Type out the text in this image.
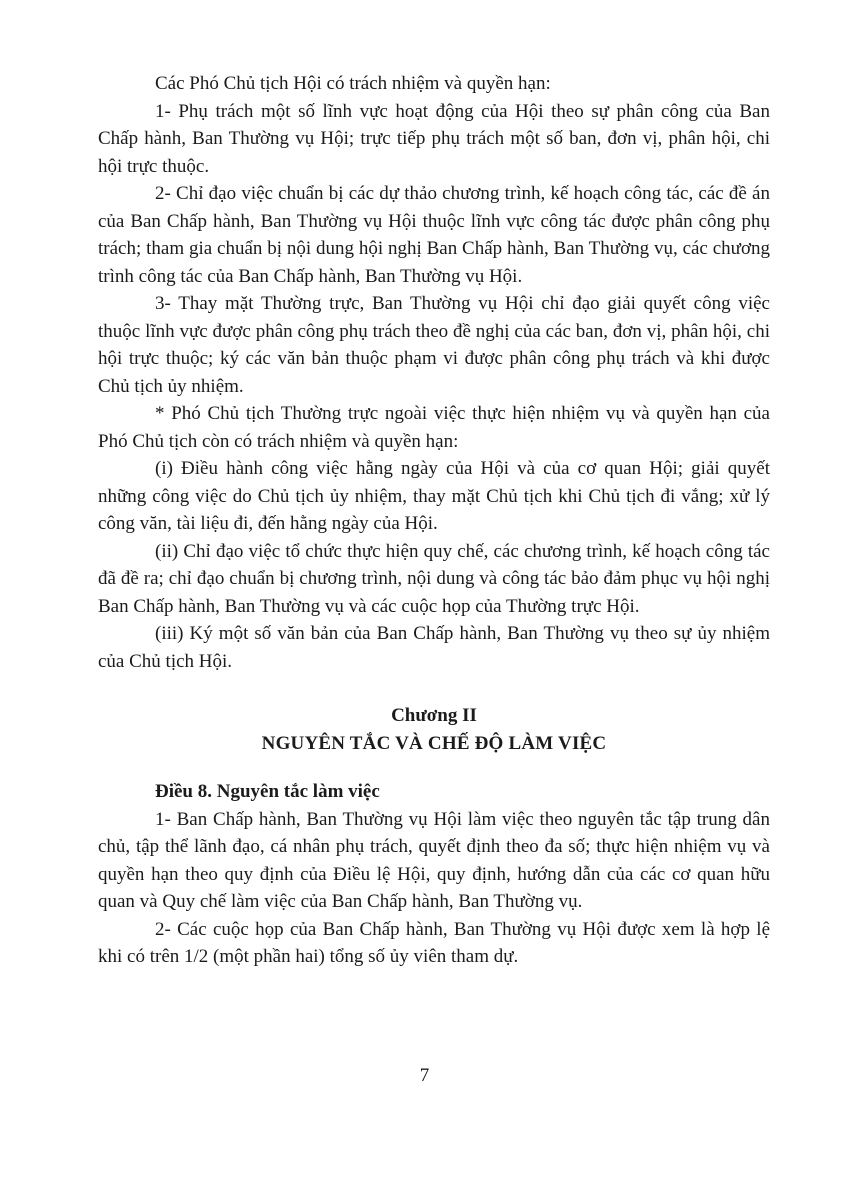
Các Phó Chủ tịch Hội có trách nhiệm và quyền hạn:

1- Phụ trách một số lĩnh vực hoạt động của Hội theo sự phân công của Ban Chấp hành, Ban Thường vụ Hội; trực tiếp phụ trách một số ban, đơn vị, phân hội, chi hội trực thuộc.

2- Chỉ đạo việc chuẩn bị các dự thảo chương trình, kế hoạch công tác, các đề án của Ban Chấp hành, Ban Thường vụ Hội thuộc lĩnh vực công tác được phân công phụ trách; tham gia chuẩn bị nội dung hội nghị Ban Chấp hành, Ban Thường vụ, các chương trình công tác của Ban Chấp hành, Ban Thường vụ Hội.

3- Thay mặt Thường trực, Ban Thường vụ Hội chỉ đạo giải quyết công việc thuộc lĩnh vực được phân công phụ trách theo đề nghị của các ban, đơn vị, phân hội, chi hội trực thuộc; ký các văn bản thuộc phạm vi được phân công phụ trách và khi được Chủ tịch ủy nhiệm.

* Phó Chủ tịch Thường trực ngoài việc thực hiện nhiệm vụ và quyền hạn của Phó Chủ tịch còn có trách nhiệm và quyền hạn:

(i) Điều hành công việc hằng ngày của Hội và của cơ quan Hội; giải quyết những công việc do Chủ tịch ủy nhiệm, thay mặt Chủ tịch khi Chủ tịch đi vắng; xử lý công văn, tài liệu đi, đến hằng ngày của Hội.

(ii) Chỉ đạo việc tổ chức thực hiện quy chế, các chương trình, kế hoạch công tác đã đề ra; chỉ đạo chuẩn bị chương trình, nội dung và công tác bảo đảm phục vụ hội nghị Ban Chấp hành, Ban Thường vụ và các cuộc họp của Thường trực Hội.

(iii) Ký một số văn bản của Ban Chấp hành, Ban Thường vụ theo sự ủy nhiệm của Chủ tịch Hội.

Chương II
NGUYÊN TẮC VÀ CHẾ ĐỘ LÀM VIỆC

Điều 8. Nguyên tắc làm việc

1- Ban Chấp hành, Ban Thường vụ Hội làm việc theo nguyên tắc tập trung dân chủ, tập thể lãnh đạo, cá nhân phụ trách, quyết định theo đa số; thực hiện nhiệm vụ và quyền hạn theo quy định của Điều lệ Hội, quy định, hướng dẫn của các cơ quan hữu quan và Quy chế làm việc của Ban Chấp hành, Ban Thường vụ.

2- Các cuộc họp của Ban Chấp hành, Ban Thường vụ Hội được xem là hợp lệ khi có trên 1/2 (một phần hai) tổng số ủy viên tham dự.

7
